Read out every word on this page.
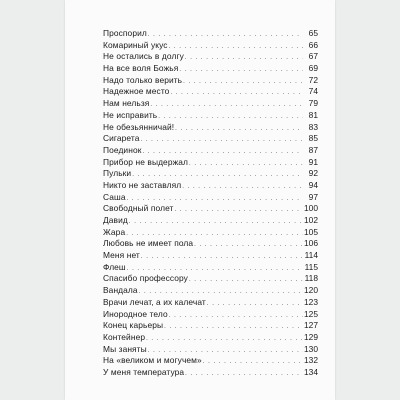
Проспорил . . .	65
Комариный укус . . .	66
Не остались в долгу . . .	67
На все воля Божья . . .	69
Надо только верить . . .	72
Надежное место . . .	74
Нам нельзя . . .	79
Не исправить . . .	81
Не обезьянничай! . . .	83
Сигарета . . .	85
Поединок . . .	87
Прибор не выдержал . . .	91
Пульки . . .	92
Никто не заставлял . . .	94
Саша . . .	97
Свободный полет . . .	100
Давид . . .	102
Жара . . .	105
Любовь не имеет пола . . .	106
Меня нет . . .	114
Флеш . . .	115
Спасибо профессору . . .	118
Вандала . . .	120
Врачи лечат, а их калечат . . .	123
Инородное тело . . .	125
Конец карьеры . . .	127
Контейнер . . .	129
Мы заняты . . .	130
На «великом и могучем» . . .	132
У меня температура . . .	134
